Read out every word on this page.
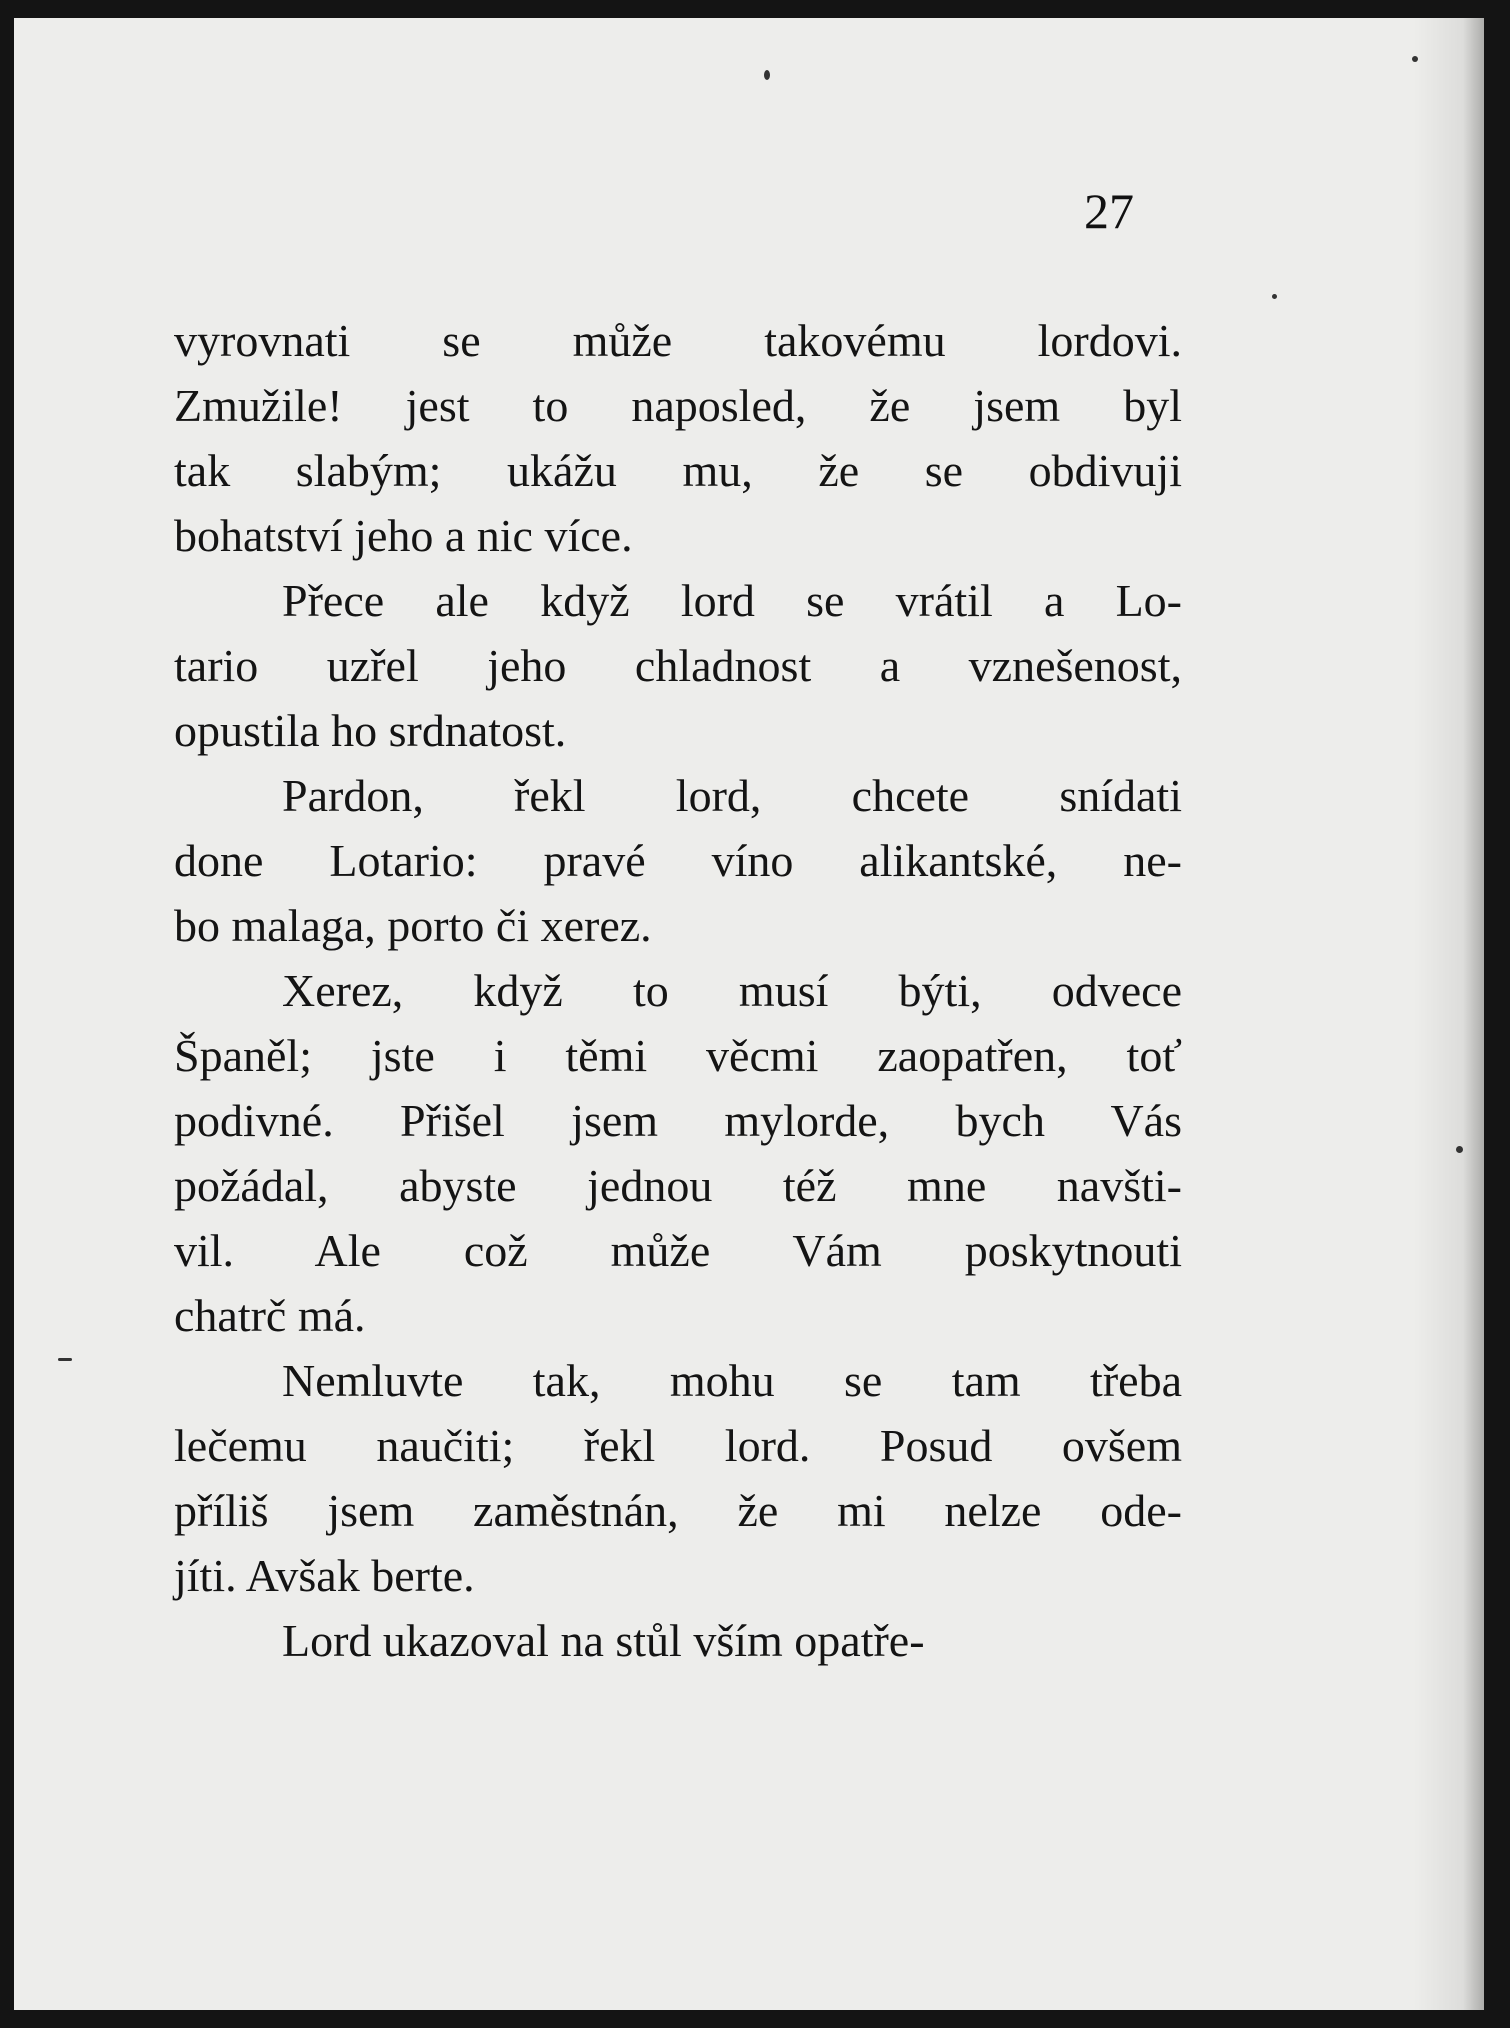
27

vyrovnati se může takovému lordovi.

Zmužile! jest to naposled, že jsem byl

tak slabým; ukážu mu, že se obdivuji

bohatství jeho a nic více.

Přece ale když lord se vrátil a Lo-

tario uzřel jeho chladnost a vznešenost,

opustila ho srdnatost.

Pardon, řekl lord, chcete snídati

done Lotario: pravé víno alikantské, ne-

bo malaga, porto či xerez.

Xerez, když to musí býti, odvece

Španěl; jste i těmi věcmi zaopatřen, toť

podivné. Přišel jsem mylorde, bych Vás

požádal, abyste jednou též mne navšti-

vil. Ale což může Vám poskytnouti

chatrč má.

Nemluvte tak, mohu se tam třeba

lečemu naučiti; řekl lord. Posud ovšem

příliš jsem zaměstnán, že mi nelze ode-

jíti. Avšak berte.

Lord ukazoval na stůl vším opatře-
